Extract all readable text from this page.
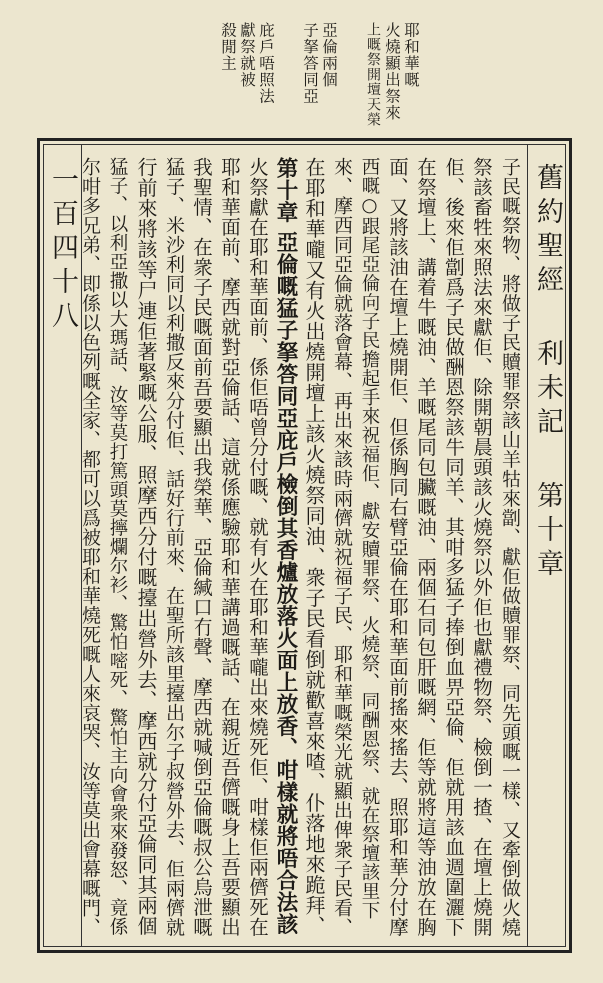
耶和華嘅
火燒顯出祭來
上嘅祭開壇天榮
亞倫兩個
子拏答同亞
庇戶唔照法
獻祭就被
殺閒主
舊約聖經利未記第十章
一百四十八	子民嘅祭物、將做子民贖罪祭該山羊牯來劏、獻佢做贖罪祭、同先頭嘅一樣、又牽倒做火燒
祭該畜牲來照法來獻佢、除開朝晨頭該火燒祭以外佢也獻禮物祭、檢倒一揸、在壇上燒開
佢、後來佢劏爲子民做酬恩祭該牛同羊、其咁多猛子捧倒血畀亞倫、佢就用該血週圍灑下
在祭壇上、講着牛嘅油、羊嘅尾同包臟嘅油、兩個石同包肝嘅網、佢等就將這等油放在胸
面、又將該油在壇上燒開佢、但係胸同右臂亞倫在耶和華面前搖來搖去、照耶和華分付摩
西嘅○跟尾亞倫向子民擔起手來祝福佢、獻安贖罪祭、火燒祭、同酬恩祭、就在祭壇該里下
來、摩西同亞倫就落會幕、再出來該時兩儕就祝福子民、耶和華嘅榮光就顯出俾衆子民看、
在耶和華嚨又有火出燒開壇上該火燒祭同油、衆子民看倒就歡喜來喳、仆落地來跪拜、
第十章 亞倫嘅猛子拏答同亞庇戶檢倒其香爐放落火面上放香、咁樣就將唔合法該
火祭獻在耶和華面前、係佢唔曾分付嘅、就有火在耶和華嚨出來燒死佢、咁樣佢兩儕死在
耶和華面前、摩西就對亞倫話、這就係應驗耶和華講過嘅話、在親近吾儕嘅身上吾要顯出
我聖情、在衆子民嘅面前吾要顯出我榮華、亞倫緘口冇聲、摩西就喊倒亞倫嘅叔公烏泄嘅
猛子、米沙利同以利撒反來分付佢、話好行前來、在聖所該里擡出尔子叔營外去、佢兩儕就
行前來將該等尸連佢著緊嘅公服、照摩西分付嘅擡出營外去、摩西就分付亞倫同其兩個
猛子、以利亞撒以大瑪話、汝等莫打篤頭莫擰爛尔衫、驚怕嘧死、驚怕主向會衆來發怒、竟係
尔咁多兄弟、即係以色列嘅全家、都可以爲被耶和華燒死嘅人來哀哭、汝等莫出會幕嘅門、
